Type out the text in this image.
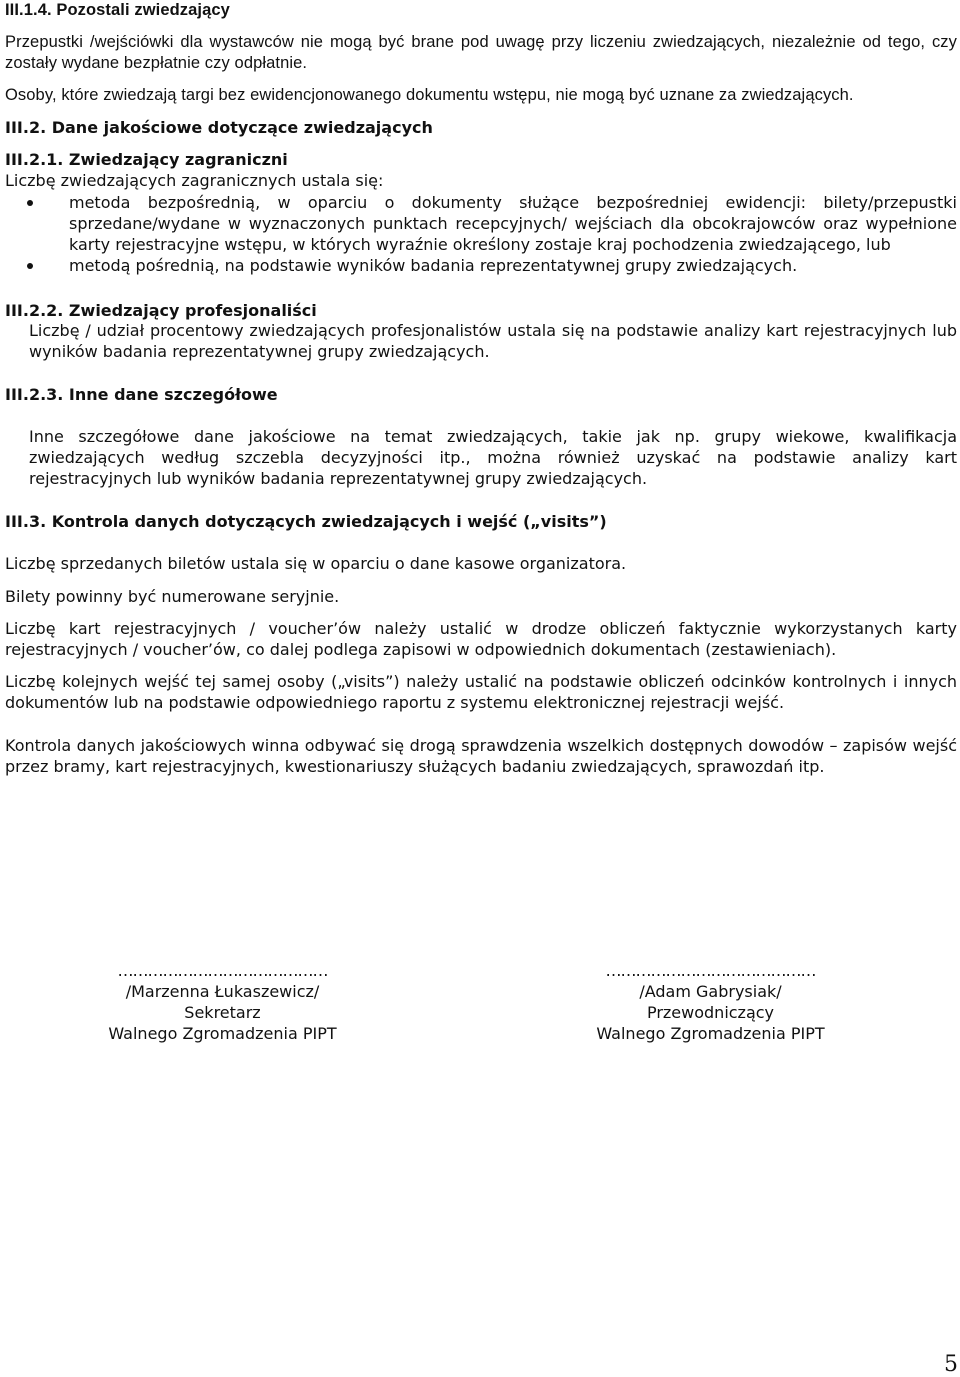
III.1.4. Pozostali zwiedzający
Przepustki /wejściówki dla wystawców nie mogą być brane pod uwagę przy liczeniu zwiedzających, niezależnie od tego, czy zostały wydane bezpłatnie czy odpłatnie.
Osoby, które zwiedzają targi bez ewidencjonowanego dokumentu wstępu, nie mogą być uznane za zwiedzających.
III.2. Dane jakościowe dotyczące zwiedzających
III.2.1. Zwiedzający zagraniczni
Liczbę zwiedzających zagranicznych ustala się:
metoda bezpośrednią, w oparciu o dokumenty służące bezpośredniej ewidencji: bilety/przepustki sprzedane/wydane w wyznaczonych punktach recepcyjnych/ wejściach dla obcokrajowców oraz wypełnione karty rejestracyjne wstępu, w których wyraźnie określony zostaje kraj pochodzenia zwiedzającego, lub
metodą pośrednią, na podstawie wyników badania reprezentatywnej grupy zwiedzających.
III.2.2. Zwiedzający profesjonaliści
Liczbę / udział procentowy zwiedzających profesjonalistów ustala się na podstawie analizy kart rejestracyjnych lub wyników badania reprezentatywnej grupy zwiedzających.
III.2.3. Inne dane szczegółowe
Inne szczegółowe dane jakościowe na temat zwiedzających, takie jak np. grupy wiekowe, kwalifikacja zwiedzających według szczebla decyzyjności itp., można również uzyskać na podstawie analizy kart rejestracyjnych lub wyników badania reprezentatywnej grupy zwiedzających.
III.3. Kontrola danych dotyczących zwiedzających i wejść („visits”)
Liczbę sprzedanych biletów ustala się w oparciu o dane kasowe organizatora.
Bilety powinny być numerowane seryjnie.
Liczbę kart rejestracyjnych / voucher’ów należy ustalić w drodze obliczeń faktycznie wykorzystanych karty rejestracyjnych / voucher’ów, co dalej podlega zapisowi w odpowiednich dokumentach (zestawieniach).
Liczbę kolejnych wejść tej samej osoby („visits”) należy ustalić na podstawie obliczeń odcinków kontrolnych i innych dokumentów lub na podstawie odpowiedniego raportu z systemu elektronicznej rejestracji wejść.
Kontrola danych jakościowych winna odbywać się drogą sprawdzenia wszelkich dostępnych dowodów – zapisów wejść przez bramy, kart rejestracyjnych, kwestionariuszy służących badaniu zwiedzających, sprawozdań itp.
……………………………………
/Marzenna Łukaszewicz/
Sekretarz
Walnego Zgromadzenia PIPT
……………………………………
/Adam Gabrysiak/
Przewodniczący
Walnego Zgromadzenia PIPT
5
